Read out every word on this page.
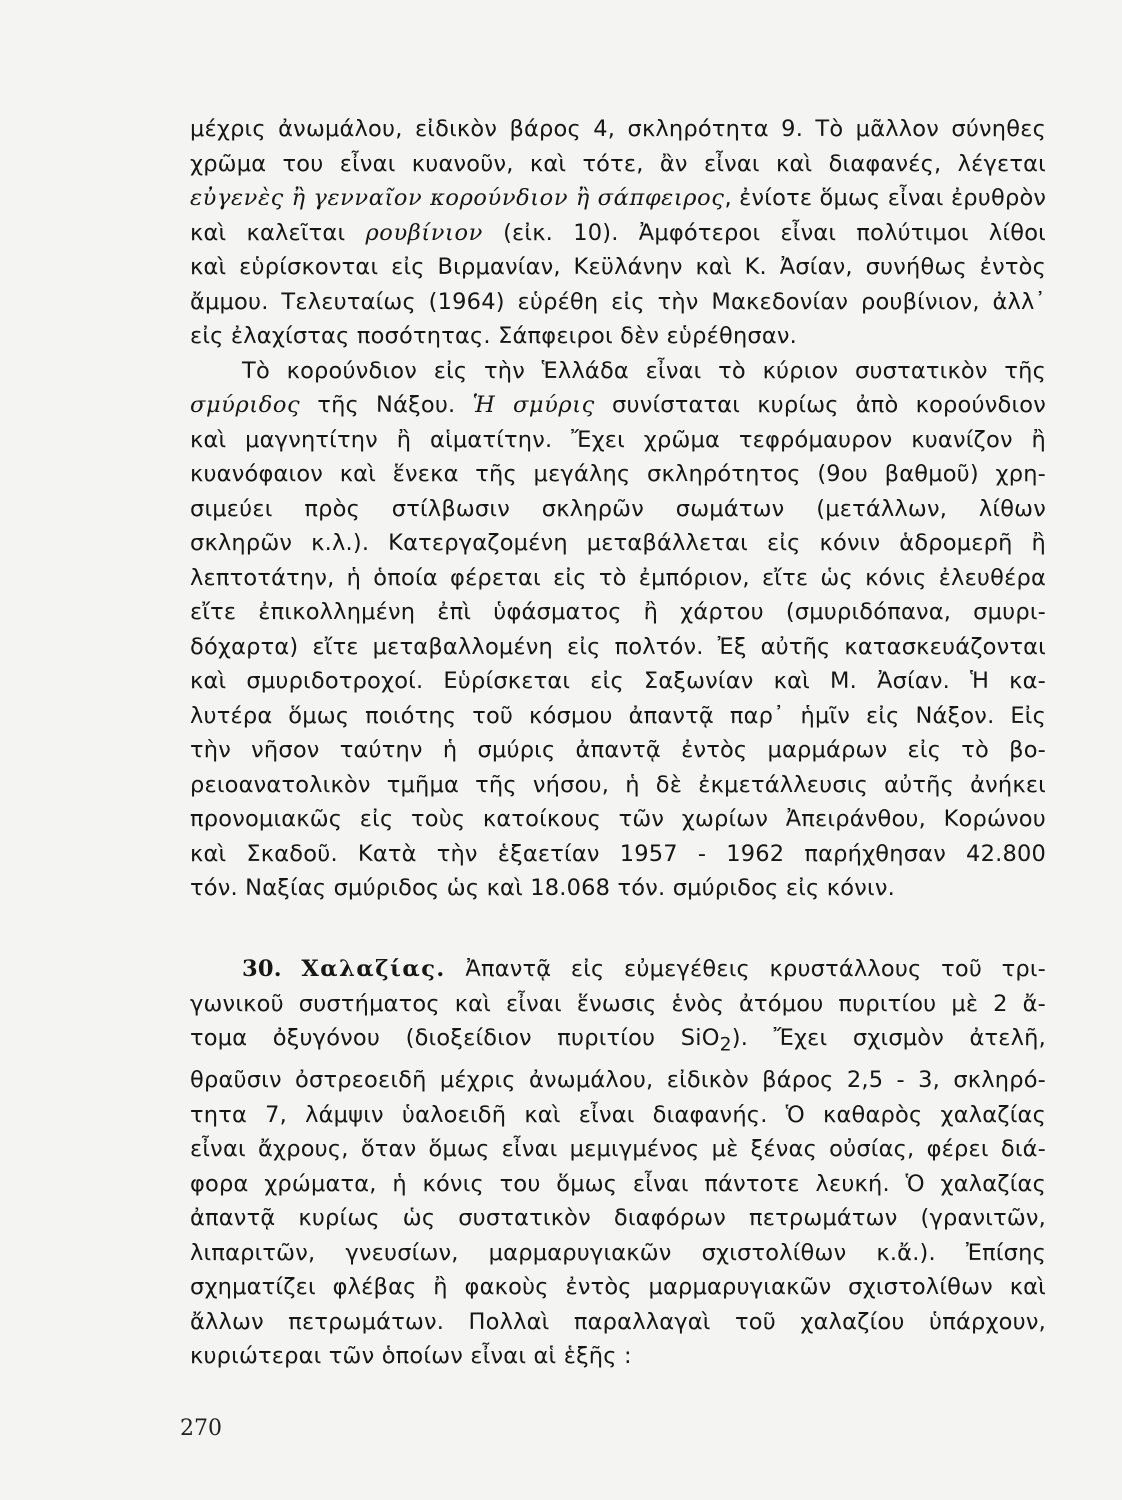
μέχρις ἀνωμάλου, εἰδικὸν βάρος 4, σκληρότητα 9. Τὸ μᾶλλον σύνηθες
χρῶμα του εἶναι κυανοῦν, καὶ τότε, ἂν εἶναι καὶ διαφανές, λέγεται
εὐγενὲς ἢ γενναῖον κορούνδιον ἢ σάπφειρος, ἐνίοτε ὅμως εἶναι ἐρυθρὸν
καὶ καλεῖται ρουβίνιον (εἰκ. 10). Ἀμφότεροι εἶναι πολύτιμοι λίθοι
καὶ εὑρίσκονται εἰς Βιρμανίαν, Κεϋλάνην καὶ Κ. Ἀσίαν, συνήθως ἐντὸς
ἄμμου. Τελευταίως (1964) εὑρέθη εἰς τὴν Μακεδονίαν ρουβίνιον, ἀλλ᾽
εἰς ἐλαχίστας ποσότητας. Σάπφειροι δὲν εὑρέθησαν.
Τὸ κορούνδιον εἰς τὴν Ἑλλάδα εἶναι τὸ κύριον συστατικὸν τῆς
σμύριδος τῆς Νάξου. Ἡ σμύρις συνίσταται κυρίως ἀπὸ κορούνδιον
καὶ μαγνητίτην ἢ αἱματίτην. Ἔχει χρῶμα τεφρόμαυρον κυανίζον ἢ
κυανόφαιον καὶ ἕνεκα τῆς μεγάλης σκληρότητος (9ου βαθμοῦ) χρη-
σιμεύει πρὸς στίλβωσιν σκληρῶν σωμάτων (μετάλλων, λίθων
σκληρῶν κ.λ.). Κατεργαζομένη μεταβάλλεται εἰς κόνιν ἁδρομερῆ ἢ
λεπτοτάτην, ἡ ὁποία φέρεται εἰς τὸ ἐμπόριον, εἴτε ὡς κόνις ἐλευθέρα
εἴτε ἐπικολλημένη ἐπὶ ὑφάσματος ἢ χάρτου (σμυριδόπανα, σμυρι-
δόχαρτα) εἴτε μεταβαλλομένη εἰς πολτόν. Ἐξ αὐτῆς κατασκευάζονται
καὶ σμυριδοτροχοί. Εὑρίσκεται εἰς Σαξωνίαν καὶ Μ. Ἀσίαν. Ἡ κα-
λυτέρα ὅμως ποιότης τοῦ κόσμου ἀπαντᾷ παρ᾽ ἡμῖν εἰς Νάξον. Εἰς
τὴν νῆσον ταύτην ἡ σμύρις ἀπαντᾷ ἐντὸς μαρμάρων εἰς τὸ βο-
ρειοανατολικὸν τμῆμα τῆς νήσου, ἡ δὲ ἐκμετάλλευσις αὐτῆς ἀνήκει
προνομιακῶς εἰς τοὺς κατοίκους τῶν χωρίων Ἀπειράνθου, Κορώνου
καὶ Σκαδοῦ. Κατὰ τὴν ἑξαετίαν 1957 - 1962 παρήχθησαν 42.800
τόν. Ναξίας σμύριδος ὡς καὶ 18.068 τόν. σμύριδος εἰς κόνιν.
30. Χαλαζίας. Ἀπαντᾷ εἰς εὐμεγέθεις κρυστάλλους τοῦ τρι-
γωνικοῦ συστήματος καὶ εἶναι ἕνωσις ἑνὸς ἀτόμου πυριτίου μὲ 2 ἄ-
τομα ὀξυγόνου (διοξείδιον πυριτίου SiO$_2$). Ἔχει σχισμὸν ἀτελῆ,
θραῦσιν ὀστρεοειδῆ μέχρις ἀνωμάλου, εἰδικὸν βάρος 2,5 - 3, σκληρό-
τητα 7, λάμψιν ὑαλοειδῆ καὶ εἶναι διαφανής. Ὁ καθαρὸς χαλαζίας
εἶναι ἄχρους, ὅταν ὅμως εἶναι μεμιγμένος μὲ ξένας οὐσίας, φέρει διά-
φορα χρώματα, ἡ κόνις του ὅμως εἶναι πάντοτε λευκή. Ὁ χαλαζίας
ἀπαντᾷ κυρίως ὡς συστατικὸν διαφόρων πετρωμάτων (γρανιτῶν,
λιπαριτῶν, γνευσίων, μαρμαρυγιακῶν σχιστολίθων κ.ἄ.). Ἐπίσης
σχηματίζει φλέβας ἢ φακοὺς ἐντὸς μαρμαρυγιακῶν σχιστολίθων καὶ
ἄλλων πετρωμάτων. Πολλαὶ παραλλαγαὶ τοῦ χαλαζίου ὑπάρχουν,
κυριώτεραι τῶν ὁποίων εἶναι αἱ ἑξῆς :
270
